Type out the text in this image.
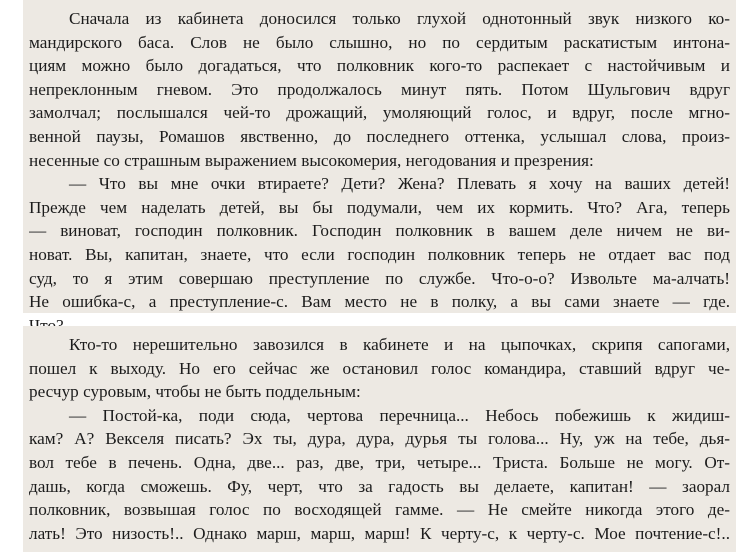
Сначала из кабинета доносился только глухой однотонный звук низкого ко-
мандирского баса. Слов не было слышно, но по сердитым раскатистым интона-
циям можно было догадаться, что полковник кого-то распекает с настойчивым и
непреклонным гневом. Это продолжалось минут пять. Потом Шульгович вдруг
замолчал; послышался чей-то дрожащий, умоляющий голос, и вдруг, после мгно-
венной паузы, Ромашов явственно, до последнего оттенка, услышал слова, произ-
несенные со страшным выражением высокомерия, негодования и презрения:
— Что вы мне очки втираете? Дети? Жена? Плевать я хочу на ваших детей!
Прежде чем наделать детей, вы бы подумали, чем их кормить. Что? Ага, теперь
— виноват, господин полковник. Господин полковник в вашем деле ничем не ви-
новат. Вы, капитан, знаете, что если господин полковник теперь не отдает вас под
суд, то я этим совершаю преступление по службе. Что-о-о? Извольте ма-алчать!
Не ошибка-с, а преступление-с. Вам место не в полку, а вы сами знаете — где.
Кто-то нерешительно завозился в кабинете и на цыпочках, скрипя сапогами,
пошел к выходу. Но его сейчас же остановил голос командира, ставший вдруг че-
ресчур суровым, чтобы не быть поддельным:
— Постой-ка, поди сюда, чертова перечница... Небось побежишь к жидиш-
кам? А? Векселя писать? Эх ты, дура, дура, дурья ты голова... Ну, уж на тебе, дья-
вол тебе в печень. Одна, две... раз, две, три, четыре... Триста. Больше не могу. От-
дашь, когда сможешь. Фу, черт, что за гадость вы делаете, капитан! — заорал
полковник, возвышая голос по восходящей гамме. — Не смейте никогда этого де-
лать! Это низость!.. Однако марш, марш, марш! К черту-с, к черту-с. Мое почтение-с!..
